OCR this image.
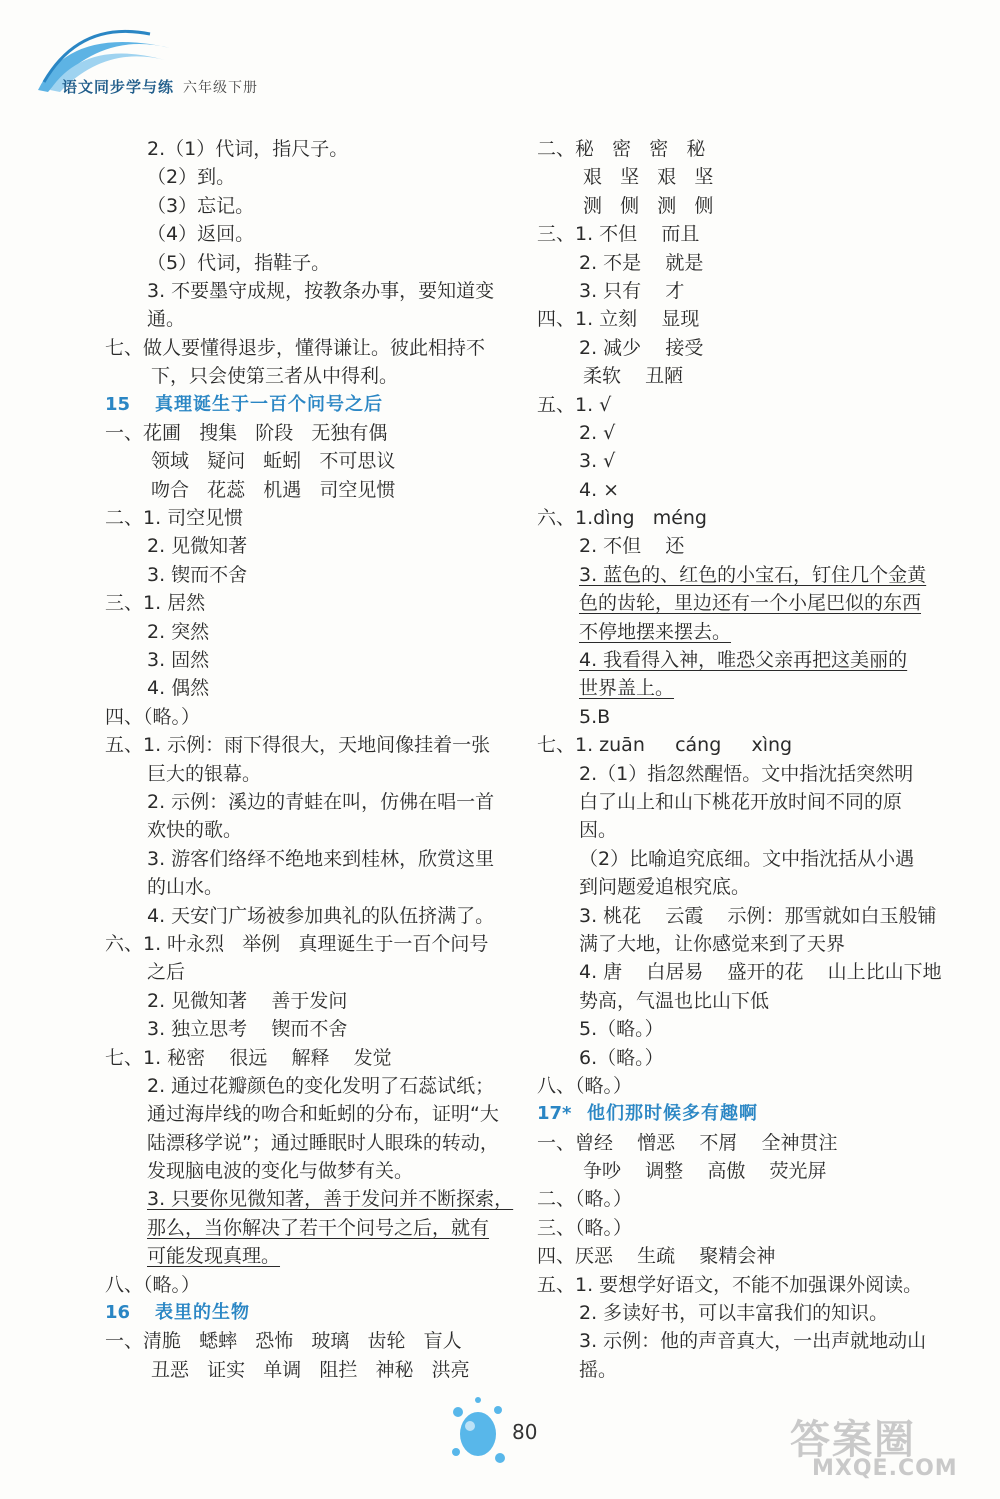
语文同步学与练 六年级下册
2.（1）代词，指尺子。
（2）到。
（3）忘记。
（4）返回。
（5）代词，指鞋子。
3. 不要墨守成规，按教条办事，要知道变
通。
七、做人要懂得退步，懂得谦让。彼此相持不
下，只会使第三者从中得利。
15 真理诞生于一百个问号之后
一、花圃   搜集   阶段   无独有偶
领域   疑问   蚯蚓   不可思议
吻合   花蕊   机遇   司空见惯
二、1. 司空见惯
2. 见微知著
3. 锲而不舍
三、1. 居然
2. 突然
3. 固然
4. 偶然
四、（略。）
五、1. 示例：雨下得很大，天地间像挂着一张
巨大的银幕。
2. 示例：溪边的青蛙在叫，仿佛在唱一首
欢快的歌。
3. 游客们络绎不绝地来到桂林，欣赏这里
的山水。
4. 天安门广场被参加典礼的队伍挤满了。
六、1. 叶永烈   举例   真理诞生于一百个问号
之后
2. 见微知著    善于发问
3. 独立思考    锲而不舍
七、1. 秘密    很远    解释    发觉
2. 通过花瓣颜色的变化发明了石蕊试纸；
通过海岸线的吻合和蚯蚓的分布，证明“大
陆漂移学说”；通过睡眠时人眼珠的转动，
发现脑电波的变化与做梦有关。
3. 只要你见微知著，善于发问并不断探索，
那么，当你解决了若干个问号之后，就有
可能发现真理。
八、（略。）
16 表里的生物
一、清脆   蟋蟀   恐怖   玻璃   齿轮   盲人
丑恶   证实   单调   阻拦   神秘   洪亮
二、秘   密   密   秘
艰   坚   艰   坚
测   侧   测   侧
三、1. 不但    而且
2. 不是    就是
3. 只有    才
四、1. 立刻    显现
2. 减少    接受
柔软    丑陋
五、1. √
2. √
3. √
4. ×
六、1.dìng   méng
2. 不但    还
3. 蓝色的、红色的小宝石，钉住几个金黄
色的齿轮，里边还有一个小尾巴似的东西
不停地摆来摆去。
4. 我看得入神，唯恐父亲再把这美丽的
世界盖上。
5.B
七、1. zuān     cáng     xìng
2.（1）指忽然醒悟。文中指沈括突然明
白了山上和山下桃花开放时间不同的原
因。
（2）比喻追究底细。文中指沈括从小遇
到问题爱追根究底。
3. 桃花    云霞    示例：那雪就如白玉般铺
满了大地，让你感觉来到了天界
4. 唐    白居易    盛开的花    山上比山下地
势高，气温也比山下低
5.（略。）
6.（略。）
八、（略。）
17* 他们那时候多有趣啊
一、曾经    憎恶    不屑    全神贯注
争吵    调整    高傲    荧光屏
二、（略。）
三、（略。）
四、厌恶    生疏    聚精会神
五、1. 要想学好语文，不能不加强课外阅读。
2. 多读好书，可以丰富我们的知识。
3. 示例：他的声音真大，一出声就地动山
摇。
80	答案圈
MXQE.COM
